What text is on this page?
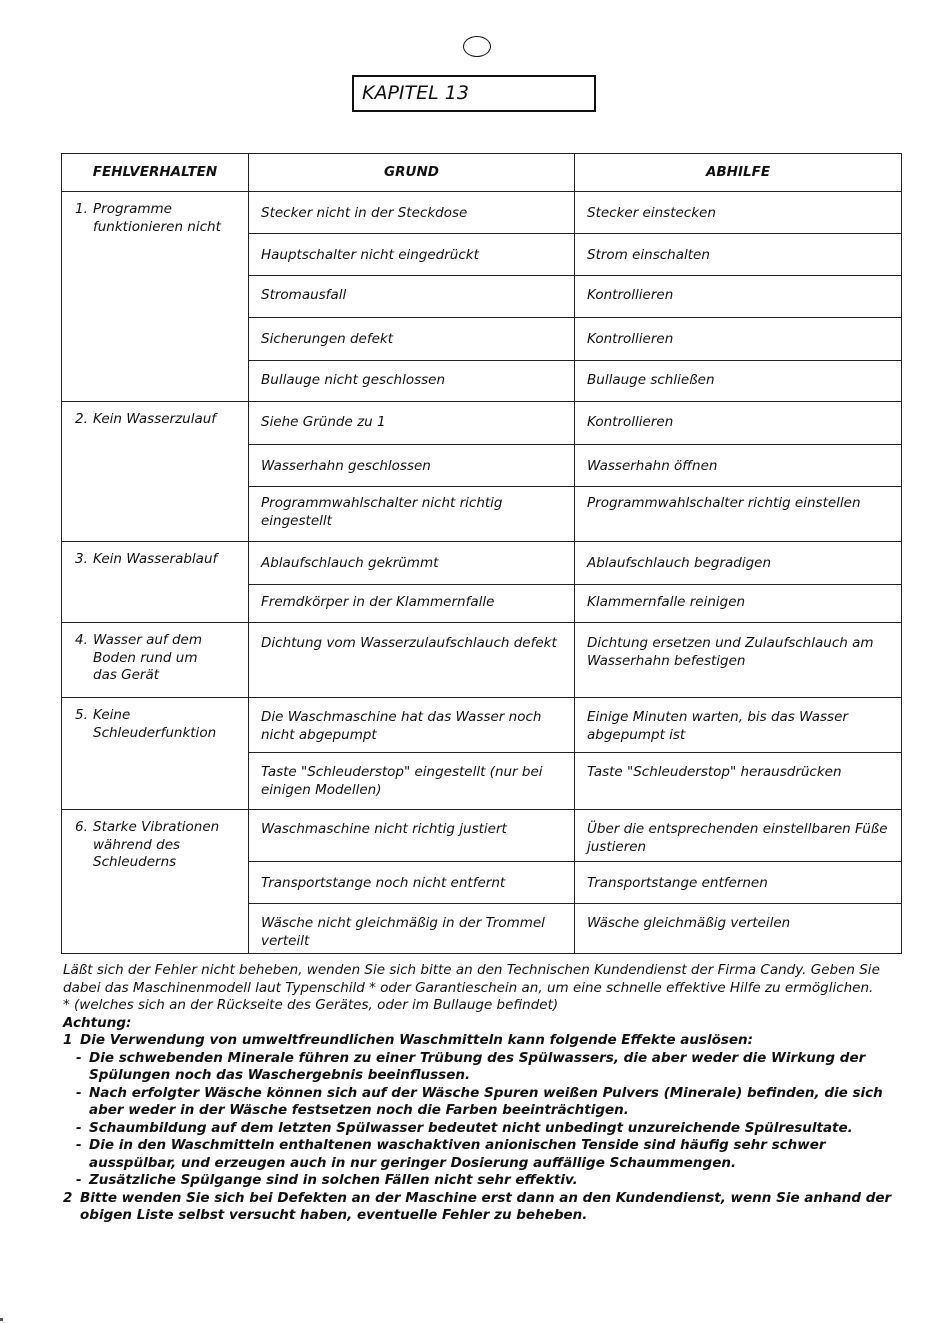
KAPITEL 13
FEHLVERHALTEN	GRUND	ABHILFE

1. Programme
funktionieren nicht	Stecker nicht in der Steckdose	Stecker einstecken
	Hauptschalter nicht eingedrückt	Strom einschalten
	Stromausfall	Kontrollieren
	Sicherungen defekt	Kontrollieren
	Bullauge nicht geschlossen	Bullauge schließen

2. Kein Wasserzulauf	Siehe Gründe zu 1	Kontrollieren
	Wasserhahn geschlossen	Wasserhahn öffnen
	Programmwahlschalter nicht richtig eingestellt	Programmwahlschalter richtig einstellen

3. Kein Wasserablauf	Ablaufschlauch gekrümmt	Ablaufschlauch begradigen
	Fremdkörper in der Klammernfalle	Klammernfalle reinigen

4. Wasser auf dem
Boden rund um
das Gerät	Dichtung vom Wasserzulaufschlauch defekt	Dichtung ersetzen und Zulaufschlauch am Wasserhahn befestigen

5. Keine
Schleuderfunktion	Die Waschmaschine hat das Wasser noch nicht abgepumpt	Einige Minuten warten, bis das Wasser abgepumpt ist
	Taste "Schleuderstop" eingestellt (nur bei einigen Modellen)	Taste "Schleuderstop" herausdrücken

6. Starke Vibrationen
während des
Schleuderns	Waschmaschine nicht richtig justiert	Über die entsprechenden einstellbaren Füße justieren
	Transportstange noch nicht entfernt	Transportstange entfernen
	Wäsche nicht gleichmäßig in der Trommel verteilt	Wäsche gleichmäßig verteilen

Läßt sich der Fehler nicht beheben, wenden Sie sich bitte an den Technischen Kundendienst der Firma Candy. Geben Sie dabei das Maschinenmodell laut Typenschild * oder Garantieschein an, um eine schnelle effektive Hilfe zu ermöglichen.

* (welches sich an der Rückseite des Gerätes, oder im Bullauge befindet)

Achtung:

1 Die Verwendung von umweltfreundlichen Waschmitteln kann folgende Effekte auslösen:
- Die schwebenden Minerale führen zu einer Trübung des Spülwassers, die aber weder die Wirkung der Spülungen noch das Waschergebnis beeinflussen.
- Nach erfolgter Wäsche können sich auf der Wäsche Spuren weißen Pulvers (Minerale) befinden, die sich aber weder in der Wäsche festsetzen noch die Farben beeinträchtigen.
- Schaumbildung auf dem letzten Spülwasser bedeutet nicht unbedingt unzureichende Spülresultate.
- Die in den Waschmitteln enthaltenen waschaktiven anionischen Tenside sind häufig sehr schwer ausspülbar, und erzeugen auch in nur geringer Dosierung auffällige Schaummengen.
- Zusätzliche Spülgange sind in solchen Fällen nicht sehr effektiv.
2 Bitte wenden Sie sich bei Defekten an der Maschine erst dann an den Kundendienst, wenn Sie anhand der obigen Liste selbst versucht haben, eventuelle Fehler zu beheben.
